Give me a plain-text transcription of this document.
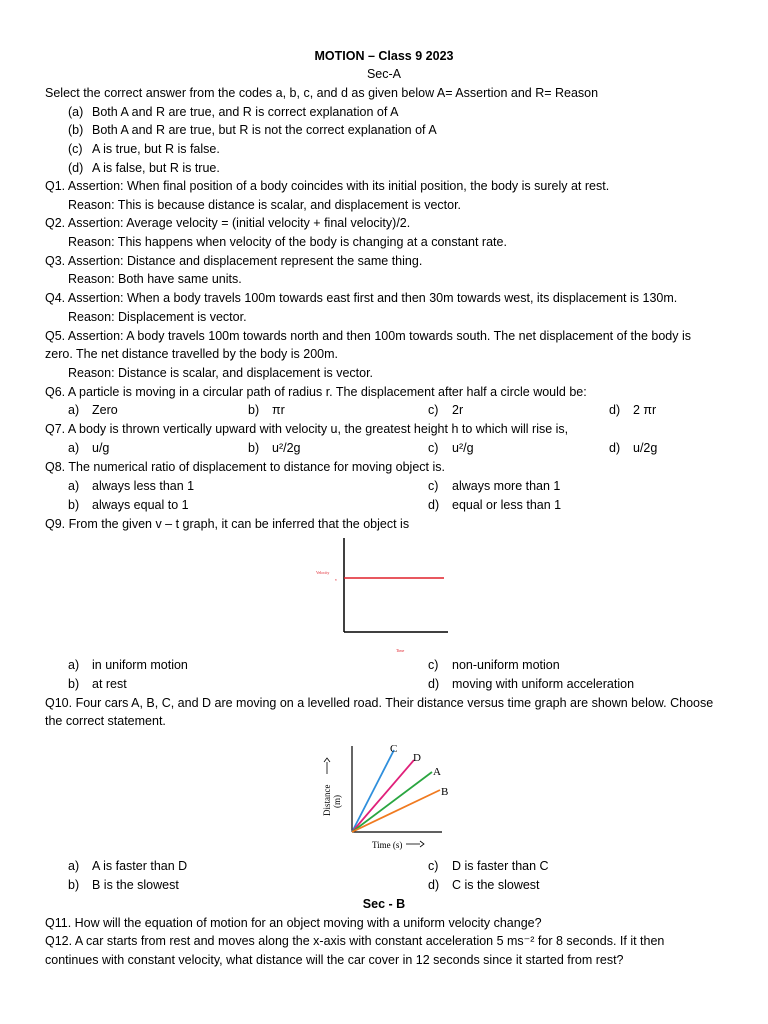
MOTION – Class 9 2023
Sec-A
Select the correct answer from the codes a, b, c, and d as given below A= Assertion and R= Reason
(a) Both A and R are true, and R is correct explanation of A
(b) Both A and R are true, but R is not the correct explanation of A
(c) A is true, but R is false.
(d) A is false, but R is true.
Q1. Assertion: When final position of a body coincides with its initial position, the body is surely at rest.
Reason: This is because distance is scalar, and displacement is vector.
Q2. Assertion: Average velocity = (initial velocity + final velocity)/2.
Reason: This happens when velocity of the body is changing at a constant rate.
Q3. Assertion: Distance and displacement represent the same thing.
Reason: Both have same units.
Q4. Assertion: When a body travels 100m towards east first and then 30m towards west, its displacement is 130m.
Reason: Displacement is vector.
Q5. Assertion: A body travels 100m towards north and then 100m towards south. The net displacement of the body is
zero. The net distance travelled by the body is 200m.
Reason: Distance is scalar, and displacement is vector.
Q6. A particle is moving in a circular path of radius r. The displacement after half a circle would be:
a) Zero	b) πr	c) 2r	d) 2 πr
Q7. A body is thrown vertically upward with velocity u, the greatest height h to which will rise is,
a) u/g	b) u²/2g	c) u²/g	d) u/2g
Q8. The numerical ratio of displacement to distance for moving object is.
a) always less than 1	c) always more than 1
b) always equal to 1	d) equal or less than 1
Q9. From the given v – t graph, it can be inferred that the object is
Velocity
v
Time
a) in uniform motion	c) non-uniform motion
b) at rest	d) moving with uniform acceleration
Q10. Four cars A, B, C, and D are moving on a levelled road. Their distance versus time graph are shown below. Choose
the correct statement.
C
D
A
B
Distance (m)
Time (s)
a) A is faster than D	c) D is faster than C
b) B is the slowest	d) C is the slowest
Sec - B
Q11. How will the equation of motion for an object moving with a uniform velocity change?
Q12. A car starts from rest and moves along the x-axis with constant acceleration 5 ms⁻² for 8 seconds. If it then
continues with constant velocity, what distance will the car cover in 12 seconds since it started from rest?
